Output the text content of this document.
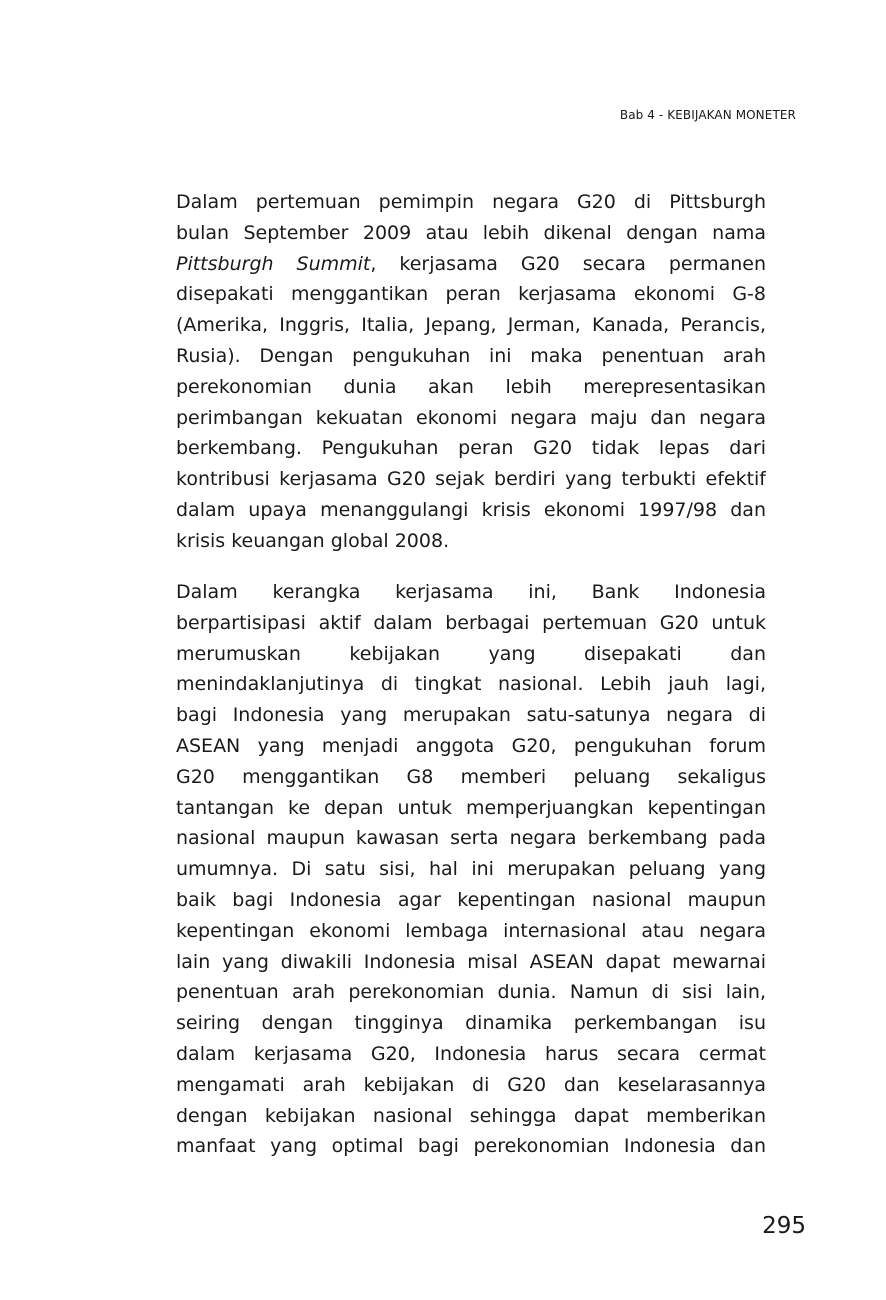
Bab 4 - KEBIJAKAN MONETER
Dalam pertemuan pemimpin negara G20 di Pittsburgh
bulan September 2009 atau lebih dikenal dengan nama
Pittsburgh Summit, kerjasama G20 secara permanen
disepakati menggantikan peran kerjasama ekonomi G-8
(Amerika, Inggris, Italia, Jepang, Jerman, Kanada, Perancis,
Rusia). Dengan pengukuhan ini maka penentuan arah
perekonomian dunia akan lebih merepresentasikan
perimbangan kekuatan ekonomi negara maju dan negara
berkembang. Pengukuhan peran G20 tidak lepas dari
kontribusi kerjasama G20 sejak berdiri yang terbukti efektif
dalam upaya menanggulangi krisis ekonomi 1997/98 dan
krisis keuangan global 2008.
Dalam kerangka kerjasama ini, Bank Indonesia
berpartisipasi aktif dalam berbagai pertemuan G20 untuk
merumuskan kebijakan yang disepakati dan
menindaklanjutinya di tingkat nasional. Lebih jauh lagi,
bagi Indonesia yang merupakan satu-satunya negara di
ASEAN yang menjadi anggota G20, pengukuhan forum
G20 menggantikan G8 memberi peluang sekaligus
tantangan ke depan untuk memperjuangkan kepentingan
nasional maupun kawasan serta negara berkembang pada
umumnya. Di satu sisi, hal ini merupakan peluang yang
baik bagi Indonesia agar kepentingan nasional maupun
kepentingan ekonomi lembaga internasional atau negara
lain yang diwakili Indonesia misal ASEAN dapat mewarnai
penentuan arah perekonomian dunia. Namun di sisi lain,
seiring dengan tingginya dinamika perkembangan isu
dalam kerjasama G20, Indonesia harus secara cermat
mengamati arah kebijakan di G20 dan keselarasannya
dengan kebijakan nasional sehingga dapat memberikan
manfaat yang optimal bagi perekonomian Indonesia dan
295
